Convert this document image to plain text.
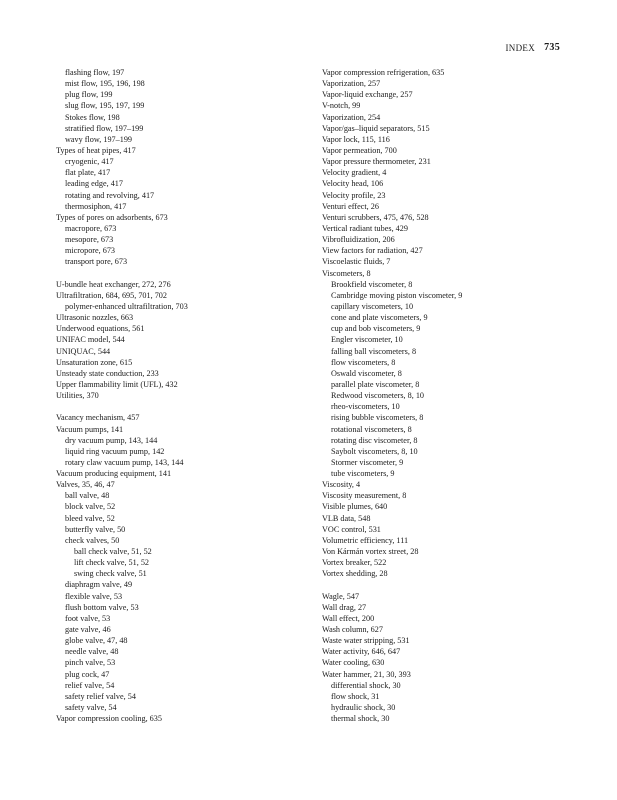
INDEX 735
flashing flow, 197
mist flow, 195, 196, 198
plug flow, 199
slug flow, 195, 197, 199
Stokes flow, 198
stratified flow, 197–199
wavy flow, 197–199
Types of heat pipes, 417
cryogenic, 417
flat plate, 417
leading edge, 417
rotating and revolving, 417
thermosiphon, 417
Types of pores on adsorbents, 673
macropore, 673
mesopore, 673
micropore, 673
transport pore, 673
U-bundle heat exchanger, 272, 276
Ultrafiltration, 684, 695, 701, 702
polymer-enhanced ultrafiltration, 703
Ultrasonic nozzles, 663
Underwood equations, 561
UNIFAC model, 544
UNIQUAC, 544
Unsaturation zone, 615
Unsteady state conduction, 233
Upper flammability limit (UFL), 432
Utilities, 370
Vacancy mechanism, 457
Vacuum pumps, 141
dry vacuum pump, 143, 144
liquid ring vacuum pump, 142
rotary claw vacuum pump, 143, 144
Vacuum producing equipment, 141
Valves, 35, 46, 47
ball valve, 48
block valve, 52
bleed valve, 52
butterfly valve, 50
check valves, 50
ball check valve, 51, 52
lift check valve, 51, 52
swing check valve, 51
diaphragm valve, 49
flexible valve, 53
flush bottom valve, 53
foot valve, 53
gate valve, 46
globe valve, 47, 48
needle valve, 48
pinch valve, 53
plug cock, 47
relief valve, 54
safety relief valve, 54
safety valve, 54
Vapor compression cooling, 635
Vapor compression refrigeration, 635
Vaporization, 257
Vapor-liquid exchange, 257
V-notch, 99
Vaporization, 254
Vapor/gas–liquid separators, 515
Vapor lock, 115, 116
Vapor permeation, 700
Vapor pressure thermometer, 231
Velocity gradient, 4
Velocity head, 106
Velocity profile, 23
Venturi effect, 26
Venturi scrubbers, 475, 476, 528
Vertical radiant tubes, 429
Vibrofluidization, 206
View factors for radiation, 427
Viscoelastic fluids, 7
Viscometers, 8
Brookfield viscometer, 8
Cambridge moving piston viscometer, 9
capillary viscometers, 10
cone and plate viscometers, 9
cup and bob viscometers, 9
Engler viscometer, 10
falling ball viscometers, 8
flow viscometers, 8
Oswald viscometer, 8
parallel plate viscometer, 8
Redwood viscometers, 8, 10
rheo-viscometers, 10
rising bubble viscometers, 8
rotational viscometers, 8
rotating disc viscometer, 8
Saybolt viscometers, 8, 10
Stormer viscometer, 9
tube viscometers, 9
Viscosity, 4
Viscosity measurement, 8
Visible plumes, 640
VLB data, 548
VOC control, 531
Volumetric efficiency, 111
Von Kármán vortex street, 28
Vortex breaker, 522
Vortex shedding, 28
Wagle, 547
Wall drag, 27
Wall effect, 200
Wash column, 627
Waste water stripping, 531
Water activity, 646, 647
Water cooling, 630
Water hammer, 21, 30, 393
differential shock, 30
flow shock, 31
hydraulic shock, 30
thermal shock, 30
